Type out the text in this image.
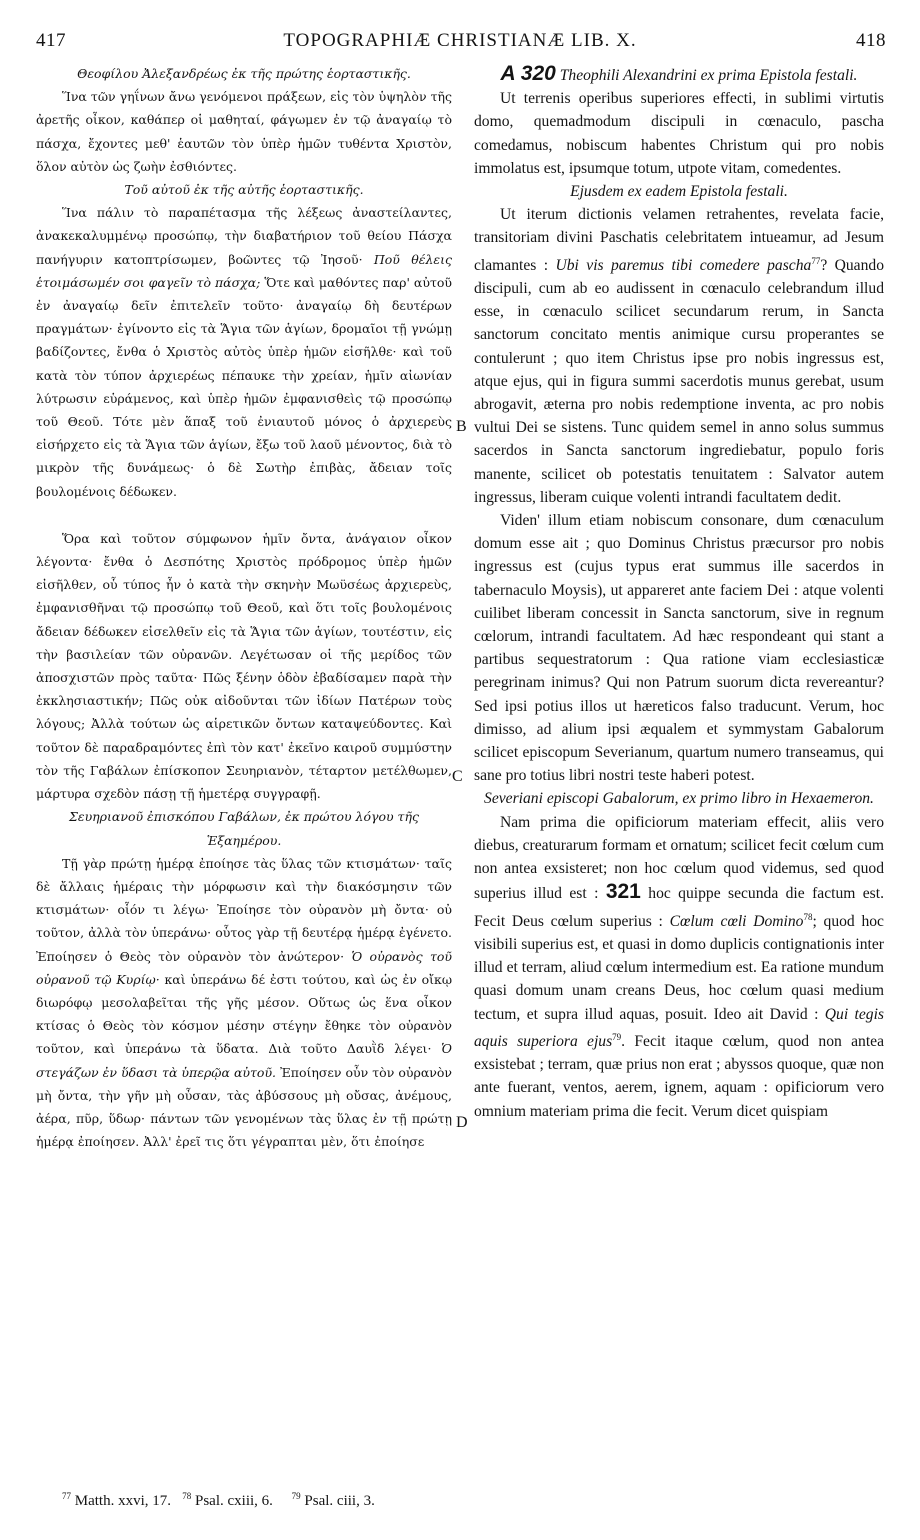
417	TOPOGRAPHIÆ CHRISTIANÆ LIB. X.	418

Θεοφίλου Ἀλεξανδρέως ἐκ τῆς πρώτης ἑορταστικῆς.

Ἵνα τῶν γηΐνων ἄνω γενόμενοι πράξεων, εἰς τὸν ὑψηλὸν τῆς ἀρετῆς οἶκον, καθάπερ οἱ μαθηταί, φάγωμεν ἐν τῷ ἀναγαίῳ τὸ πάσχα, ἔχοντες μεθ' ἑαυτῶν τὸν ὑπὲρ ἡμῶν τυθέντα Χριστὸν, ὅλον αὐτὸν ὡς ζωὴν ἐσθιόντες.

Τοῦ αὐτοῦ ἐκ τῆς αὐτῆς ἑορταστικῆς.

Ἵνα πάλιν τὸ παραπέτασμα τῆς λέξεως ἀναστείλαντες, ἀνακεκαλυμμένῳ προσώπῳ, τὴν διαβατήριον τοῦ θείου Πάσχα πανήγυριν κατοπτρίσωμεν, βοῶντες τῷ Ἰησοῦ· Ποῦ θέλεις ἑτοιμάσωμέν σοι φαγεῖν τὸ πάσχα; Ὅτε καὶ μαθόντες παρ' αὐτοῦ ἐν ἀναγαίῳ δεῖν ἐπιτελεῖν τοῦτο· ἀναγαίῳ δὴ δευτέρων πραγμάτων· ἐγίνοντο εἰς τὰ Ἅγια τῶν ἁγίων, δρομαῖοι τῇ γνώμῃ βαδίζοντες, ἔνθα ὁ Χριστὸς αὐτὸς ὑπὲρ ἡμῶν εἰσῆλθε· καὶ τοῦ κατὰ τὸν τύπον ἀρχιερέως πέπαυκε τὴν χρείαν, ἡμῖν αἰωνίαν λύτρωσιν εὑράμενος, καὶ ὑπὲρ ἡμῶν ἐμφανισθεὶς τῷ προσώπῳ τοῦ Θεοῦ. Τότε μὲν ἅπαξ τοῦ ἐνιαυτοῦ μόνος ὁ ἀρχιερεὺς εἰσήρχετο εἰς τὰ Ἅγια τῶν ἁγίων, ἔξω τοῦ λαοῦ μένοντος, διὰ τὸ μικρὸν τῆς δυνάμεως· ὁ δὲ Σωτὴρ ἐπιβὰς, ἄδειαν τοῖς βουλομένοις δέδωκεν.

Ὅρα καὶ τοῦτον σύμφωνον ἡμῖν ὄντα, ἀνάγαιον οἶκον λέγοντα· ἔνθα ὁ Δεσπότης Χριστὸς πρόδρομος ὑπὲρ ἡμῶν εἰσῆλθεν, οὗ τύπος ἦν ὁ κατὰ τὴν σκηνὴν Μωϋσέως ἀρχιερεὺς, ἐμφανισθῆναι τῷ προσώπῳ τοῦ Θεοῦ, καὶ ὅτι τοῖς βουλομένοις ἄδειαν δέδωκεν εἰσελθεῖν εἰς τὰ Ἅγια τῶν ἁγίων, τουτέστιν, εἰς τὴν βασιλείαν τῶν οὐρανῶν. Λεγέτωσαν οἱ τῆς μερίδος τῶν ἀποσχιστῶν πρὸς ταῦτα· Πῶς ξένην ὁδὸν ἐβαδίσαμεν παρὰ τὴν ἐκκλησιαστικήν; Πῶς οὐκ αἰδοῦνται τῶν ἰδίων Πατέρων τοὺς λόγους; Ἀλλὰ τούτων ὡς αἱρετικῶν ὄντων καταψεύδοντες. Καὶ τοῦτον δὲ παραδραμόντες ἐπὶ τὸν κατ' ἐκεῖνο καιροῦ συμμύστην τὸν τῆς Γαβάλων ἐπίσκοπον Σευηριανὸν, τέταρτον μετέλθωμεν, μάρτυρα σχεδὸν πάσῃ τῇ ἡμετέρᾳ συγγραφῇ.

Σευηριανοῦ ἐπισκόπου Γαβάλων, ἐκ πρώτου λόγου τῆς Ἑξαημέρου.

Τῇ γὰρ πρώτῃ ἡμέρᾳ ἐποίησε τὰς ὕλας τῶν κτισμάτων· ταῖς δὲ ἄλλαις ἡμέραις τὴν μόρφωσιν καὶ τὴν διακόσμησιν τῶν κτισμάτων· οἷόν τι λέγω· Ἐποίησε τὸν οὐρανὸν μὴ ὄντα· οὐ τοῦτον, ἀλλὰ τὸν ὑπεράνω· οὗτος γὰρ τῇ δευτέρᾳ ἡμέρᾳ ἐγένετο. Ἐποίησεν ὁ Θεὸς τὸν οὐρανὸν τὸν ἀνώτερον· Ὁ οὐρανὸς τοῦ οὐρανοῦ τῷ Κυρίῳ· καὶ ὑπεράνω δέ ἐστι τούτου, καὶ ὡς ἐν οἴκῳ διωρόφῳ μεσολαβεῖται τῆς γῆς μέσον. Οὕτως ὡς ἕνα οἶκον κτίσας ὁ Θεὸς τὸν κόσμον μέσην στέγην ἔθηκε τὸν οὐρανὸν τοῦτον, καὶ ὑπεράνω τὰ ὕδατα. Διὰ τοῦτο Δαυῒδ λέγει· Ὁ στεγάζων ἐν ὕδασι τὰ ὑπερῷα αὐτοῦ. Ἐποίησεν οὖν τὸν οὐρανὸν μὴ ὄντα, τὴν γῆν μὴ οὖσαν, τὰς ἀβύσσους μὴ οὔσας, ἀνέμους, ἀέρα, πῦρ, ὕδωρ· πάντων τῶν γενομένων τὰς ὕλας ἐν τῇ πρώτῃ ἡμέρᾳ ἐποίησεν. Ἀλλ' ἐρεῖ τις ὅτι γέγραπται μὲν, ὅτι ἐποίησε

B
C
D

A 320 Theophili Alexandrini ex prima Epistola festali.

Ut terrenis operibus superiores effecti, in sublimi virtutis domo, quemadmodum discipuli in cœnaculo, pascha comedamus, nobiscum habentes Christum qui pro nobis immolatus est, ipsumque totum, utpote vitam, comedentes.

Ejusdem ex eadem Epistola festali.

Ut iterum dictionis velamen retrahentes, revelata facie, transitoriam divini Paschatis celebritatem intueamur, ad Jesum clamantes : Ubi vis paremus tibi comedere pascha$^{77}$? Quando discipuli, cum ab eo audissent in cœnaculo celebrandum illud esse, in cœnaculo scilicet secundarum rerum, in Sancta sanctorum concitato mentis animique cursu properantes se contulerunt ; quo item Christus ipse pro nobis ingressus est, atque ejus, qui in figura summi sacerdotis munus gerebat, usum abrogavit, æterna pro nobis redemptione inventa, ac pro nobis vultui Dei se sistens. Tunc quidem semel in anno solus summus sacerdos in Sancta sanctorum ingrediebatur, populo foris manente, scilicet ob potestatis tenuitatem : Salvator autem ingressus, liberam cuique volenti intrandi facultatem dedit.

Viden' illum etiam nobiscum consonare, dum cœnaculum domum esse ait ; quo Dominus Christus præcursor pro nobis ingressus est (cujus typus erat summus ille sacerdos in tabernaculo Moysis), ut appareret ante faciem Dei : atque volenti cuilibet liberam concessit in Sancta sanctorum, sive in regnum cœlorum, intrandi facultatem. Ad hæc respondeant qui stant a partibus sequestratorum : Qua ratione viam ecclesiasticæ peregrinam inimus? Qui non Patrum suorum dicta revereantur? Sed ipsi potius illos ut hæreticos falso traducunt. Verum, hoc dimisso, ad alium ipsi æqualem et symmystam Gabalorum scilicet episcopum Severianum, quartum numero transeamus, qui sane pro totius libri nostri teste haberi potest.

Severiani episcopi Gabalorum, ex primo libro in Hexaemeron.

Nam prima die opificiorum materiam effecit, aliis vero diebus, creaturarum formam et ornatum; scilicet fecit cœlum cum non antea exsisteret; non hoc cœlum quod videmus, sed quod superius illud est : 321 hoc quippe secunda die factum est. Fecit Deus cœlum superius : Cœlum cœli Domino$^{78}$; quod hoc visibili superius est, et quasi in domo duplicis contignationis inter illud et terram, aliud cœlum intermedium est. Ea ratione mundum quasi domum unam creans Deus, hoc cœlum quasi medium tectum, et supra illud aquas, posuit. Ideo ait David : Qui tegis aquis superiora ejus$^{79}$. Fecit itaque cœlum, quod non antea exsistebat ; terram, quæ prius non erat ; abyssos quoque, quæ non ante fuerant, ventos, aerem, ignem, aquam : opificiorum vero omnium materiam prima die fecit. Verum dicet quispiam

$^{77}$ Matth. xxvi, 17. $^{78}$ Psal. cxiii, 6. $^{79}$ Psal. ciii, 3.
